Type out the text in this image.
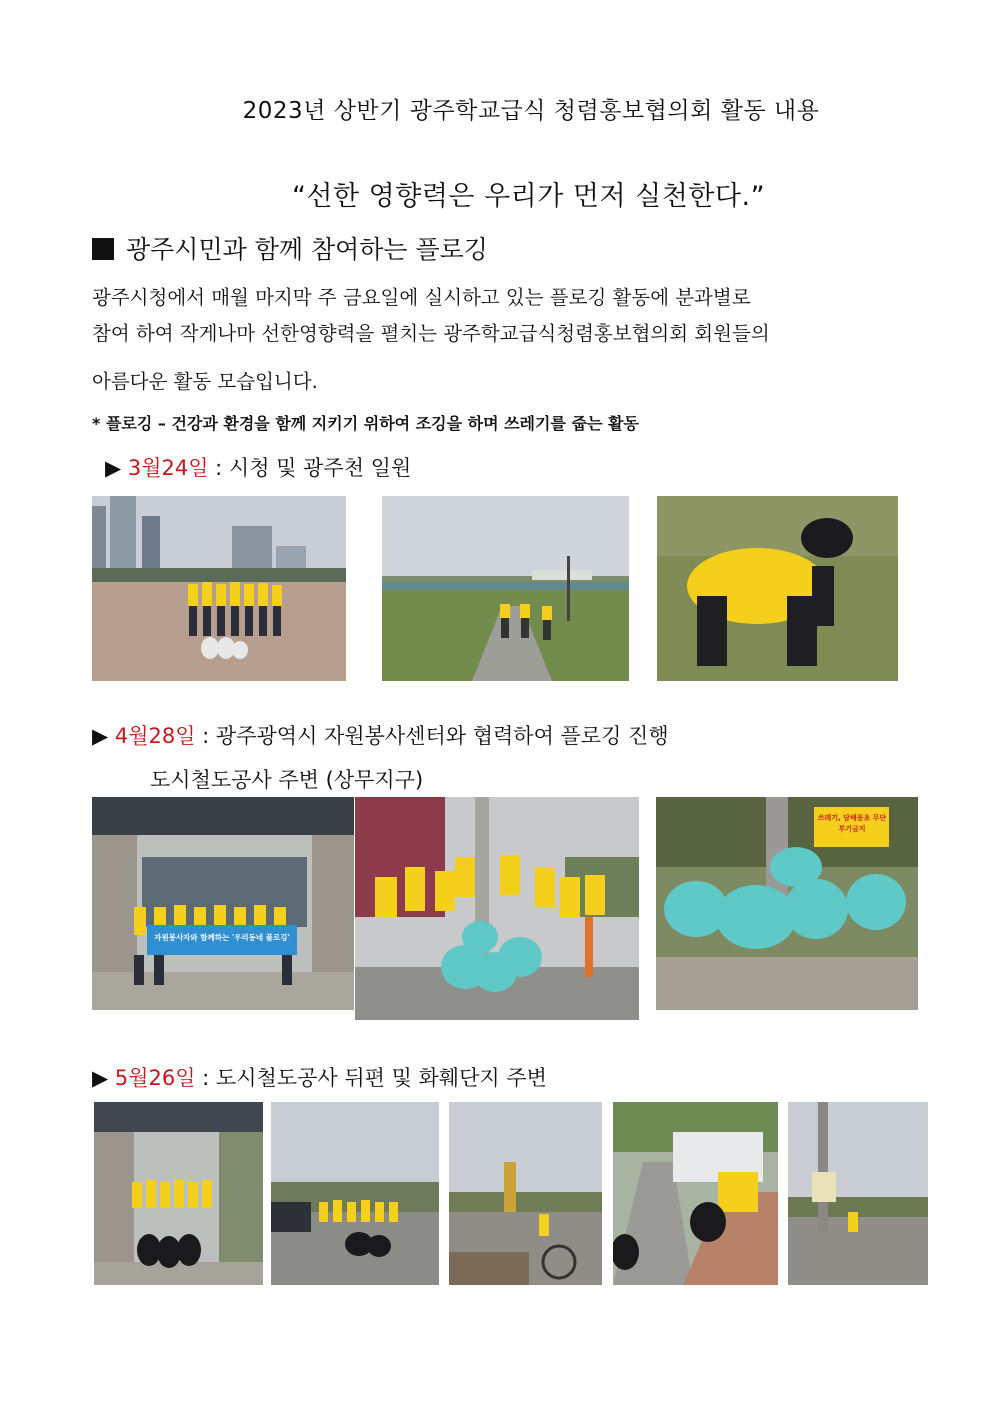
2023년 상반기 광주학교급식 청렴홍보협의회 활동 내용
“선한 영향력은 우리가 먼저 실천한다.”
광주시민과 함께 참여하는 플로깅
광주시청에서 매월 마지막 주 금요일에 실시하고 있는 플로깅 활동에 분과별로
참여 하여 작게나마 선한영향력을 펼치는 광주학교급식청렴홍보협의회 회원들의
아름다운 활동 모습입니다.
* 플로깅 – 건강과 환경을 함께 지키기 위하여 조깅을 하며 쓰레기를 줍는 활동
▶ 3월24일 : 시청 및 광주천 일원
▶ 4월28일 : 광주광역시 자원봉사센터와 협력하여 플로깅 진행
도시철도공사 주변 (상무지구)
자원봉사자와 함께하는 '우리동네 플로깅'
쓰레기, 담배꽁초 무단투기금지
▶ 5월26일 : 도시철도공사 뒤편 및 화훼단지 주변
